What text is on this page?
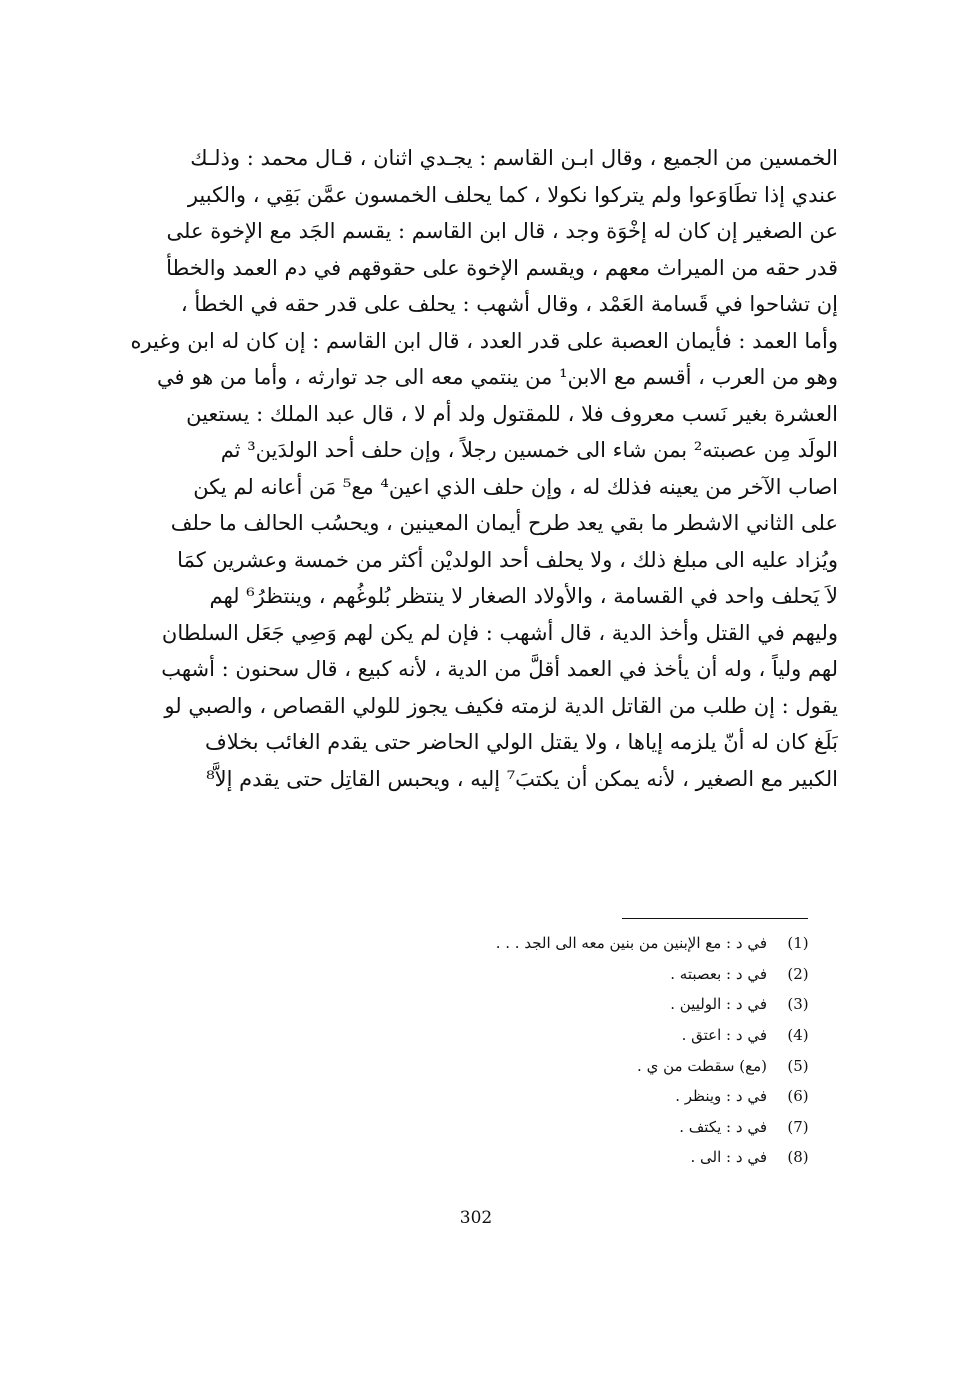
الخمسين من الجميع ، وقال ابـن القاسم : يجـدي اثنان ، قـال محمد : وذلـك
عندي إذا تطَاوَعوا ولم يتركوا نكولا ، كما يحلف الخمسون عمَّن بَقِي ، والكبير
عن الصغير إن كان له إخْوَة وجد ، قال ابن القاسم : يقسم الجَد مع الإخوة على
قدر حقه من الميراث معهم ، ويقسم الإخوة على حقوقهم في دم العمد والخطأ
إن تشاحوا في قَسامة العَمْد ، وقال أشهب : يحلف على قدر حقه في الخطأ ،
وأما العمد : فأيمان العصبة على قدر العدد ، قال ابن القاسم : إن كان له ابن وغيره
وهو من العرب ، أقسم مع الابن¹ من ينتمي معه الى جد توارثه ، وأما من هو في
العشرة بغير نَسب معروف فلا ، للمقتول ولد أم لا ، قال عبد الملك : يستعين
الولَد مِن عصبته² بمن شاء الى خمسين رجلاً ، وإن حلف أحد الولدَين³ ثم
اصاب الآخر من يعينه فذلك له ، وإن حلف الذي اعين⁴ مع⁵ مَن أعانه لم يكن
على الثاني الاشطر ما بقي يعد طرح أيمان المعينين ، ويحسُب الحالف ما حلف
ويُزاد عليه الى مبلغ ذلك ، ولا يحلف أحد الولديْن أكثر من خمسة وعشرين كمَا
لاَ يَحلف واحد في القسامة ، والأولاد الصغار لا ينتظر بُلوغُهم ، وينتظرُ⁶ لهم
وليهم في القتل وأخذ الدية ، قال أشهب : فإن لم يكن لهم وَصِي جَعَل السلطان
لهم ولياً ، وله أن يأخذ في العمد أقلَّ من الدية ، لأنه كبيع ، قال سحنون : أشهب
يقول : إن طلب من القاتل الدية لزمته فكيف يجوز للولي القصاص ، والصبي لو
بَلَغ كان له أنّ يلزمه إياها ، ولا يقتل الولي الحاضر حتى يقدم الغائب بخلاف
الكبير مع الصغير ، لأنه يمكن أن يكتبَ⁷ إليه ، ويحبس القاتِل حتى يقدم إلاَّ⁸
(1)
في د : مع الإبنين من بنين معه الى الجد . . .
(2)
في د : بعصبته .
(3)
في د : الوليين .
(4)
في د : اعتق .
(5)
(مع) سقطت من ي .
(6)
في د : وينظر .
(7)
في د : يكتف .
(8)
في د : الى .
302
